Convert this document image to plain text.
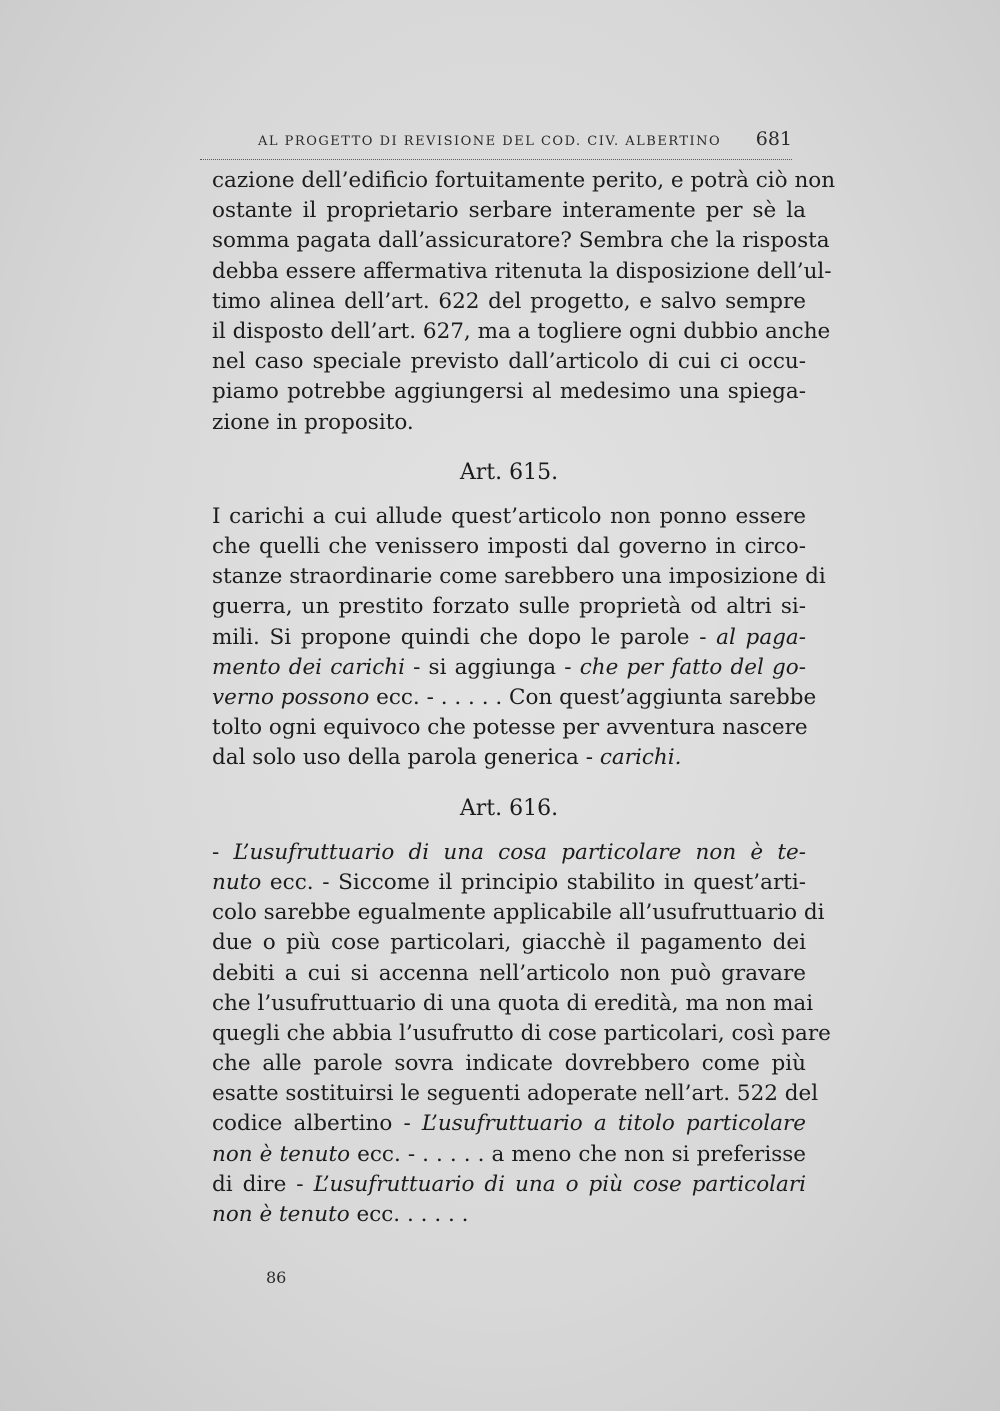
AL PROGETTO DI REVISIONE DEL COD. CIV. ALBERTINO 681
cazione dell’edificio fortuitamente perito, e potrà ciò non
ostante il proprietario serbare interamente per sè la
somma pagata dall’assicuratore? Sembra che la risposta
debba essere affermativa ritenuta la disposizione dell’ul-
timo alinea dell’art. 622 del progetto, e salvo sempre
il disposto dell’art. 627, ma a togliere ogni dubbio anche
nel caso speciale previsto dall’articolo di cui ci occu-
piamo potrebbe aggiungersi al medesimo una spiega-
zione in proposito.
Art. 615.
I carichi a cui allude quest’articolo non ponno essere
che quelli che venissero imposti dal governo in circo-
stanze straordinarie come sarebbero una imposizione di
guerra, un prestito forzato sulle proprietà od altri si-
mili. Si propone quindi che dopo le parole - al paga-
mento dei carichi - si aggiunga - che per fatto del go-
verno possono ecc. - . . . . . Con quest’aggiunta sarebbe
tolto ogni equivoco che potesse per avventura nascere
dal solo uso della parola generica - carichi.
Art. 616.
- L’usufruttuario di una cosa particolare non è te-
nuto ecc. - Siccome il principio stabilito in quest’arti-
colo sarebbe egualmente applicabile all’usufruttuario di
due o più cose particolari, giacchè il pagamento dei
debiti a cui si accenna nell’articolo non può gravare
che l’usufruttuario di una quota di eredità, ma non mai
quegli che abbia l’usufrutto di cose particolari, così pare
che alle parole sovra indicate dovrebbero come più
esatte sostituirsi le seguenti adoperate nell’art. 522 del
codice albertino - L’usufruttuario a titolo particolare
non è tenuto ecc. - . . . . . a meno che non si preferisse
di dire - L’usufruttuario di una o più cose particolari
non è tenuto ecc. . . . . .
86
